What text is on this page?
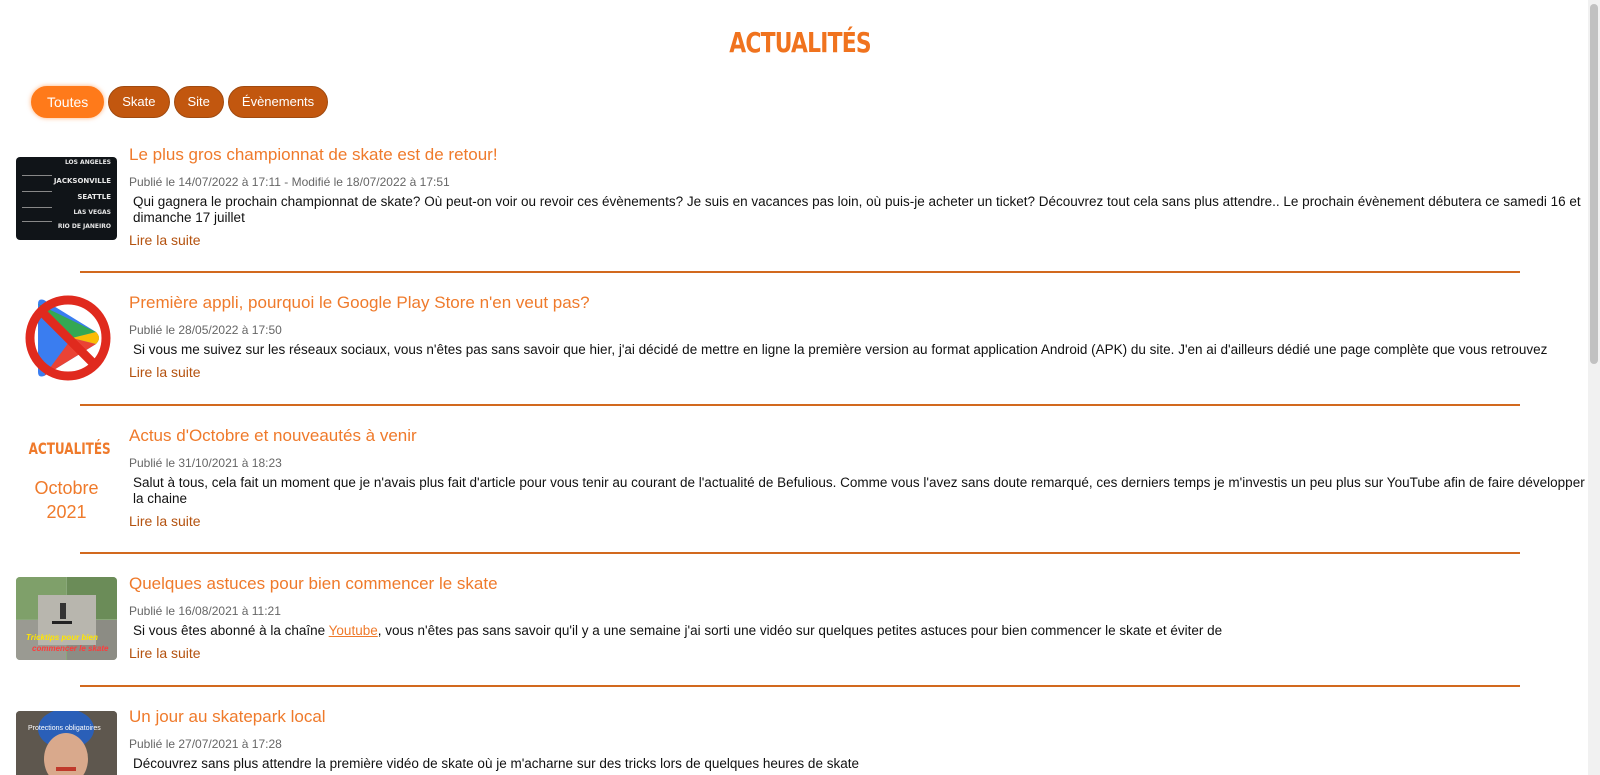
ACTUALITÉS
Toutes	Skate	Site	Évènements
LOS ANGELES
JACKSONVILLE
SEATTLE
LAS VEGAS
RIO DE JANEIRO
Le plus gros championnat de skate est de retour!
Publié le 14/07/2022 à 17:11 - Modifié le 18/07/2022 à 17:51
Qui gagnera le prochain championnat de skate? Où peut-on voir ou revoir ces évènements? Je suis en vacances pas loin, où puis-je acheter un ticket? Découvrez tout cela sans plus attendre.. Le prochain évènement débutera ce samedi 16 et dimanche 17 juillet
Lire la suite
Première appli, pourquoi le Google Play Store n'en veut pas?
Publié le 28/05/2022 à 17:50
Si vous me suivez sur les réseaux sociaux, vous n'êtes pas sans savoir que hier, j'ai décidé de mettre en ligne la première version au format application Android (APK) du site. J'en ai d'ailleurs dédié une page complète que vous retrouvez
Lire la suite
ACTUALITÉS
Octobre
2021
Actus d'Octobre et nouveautés à venir
Publié le 31/10/2021 à 18:23
Salut à tous, cela fait un moment que je n'avais plus fait d'article pour vous tenir au courant de l'actualité de Befulious. Comme vous l'avez sans doute remarqué, ces derniers temps je m'investis un peu plus sur YouTube afin de faire développer la chaine
Lire la suite
Tricktips pour bien
commencer le skate
Quelques astuces pour bien commencer le skate
Publié le 16/08/2021 à 11:21
Si vous êtes abonné à la chaîne Youtube, vous n'êtes pas sans savoir qu'il y a une semaine j'ai sorti une vidéo sur quelques petites astuces pour bien commencer le skate et éviter de
Lire la suite
Protections obligatoires
Un jour au skatepark local
Publié le 27/07/2021 à 17:28
Découvrez sans plus attendre la première vidéo de skate où je m'acharne sur des tricks lors de quelques heures de skate
